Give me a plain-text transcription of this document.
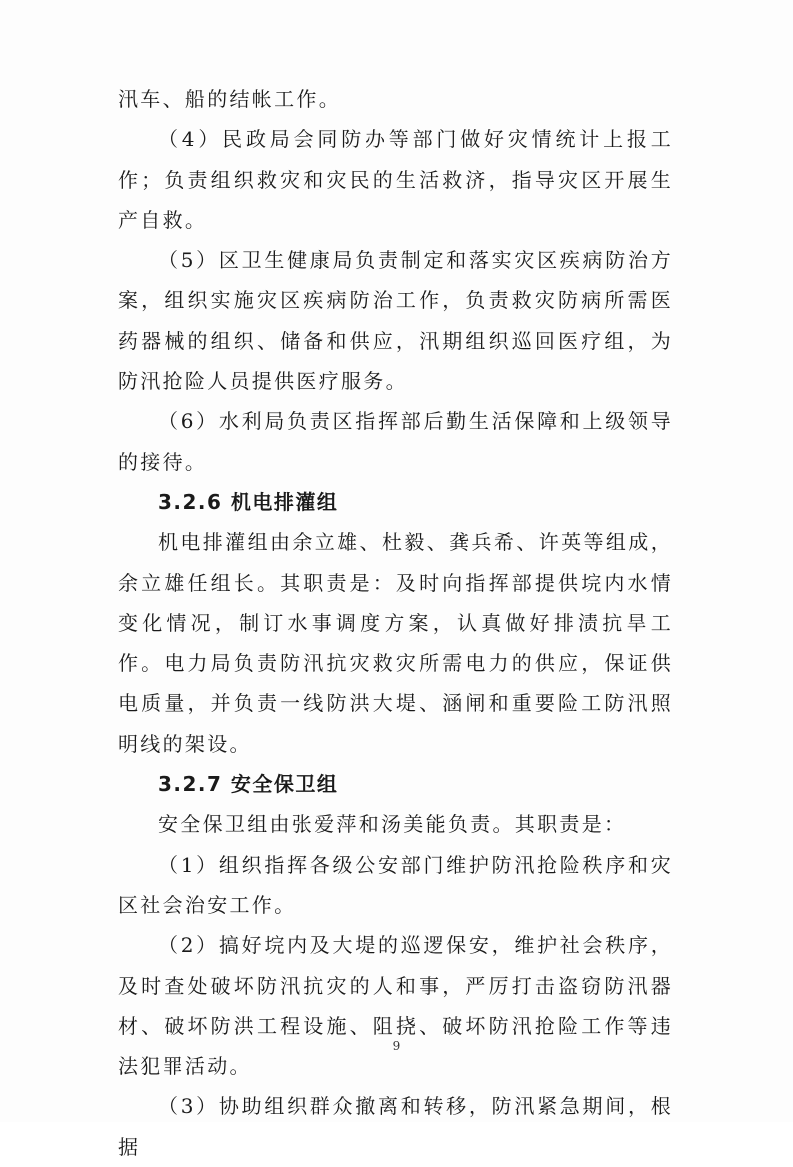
汛车、船的结帐工作。

（4）民政局会同防办等部门做好灾情统计上报工作；负责组织救灾和灾民的生活救济，指导灾区开展生产自救。

（5）区卫生健康局负责制定和落实灾区疾病防治方案，组织实施灾区疾病防治工作，负责救灾防病所需医药器械的组织、储备和供应，汛期组织巡回医疗组，为防汛抢险人员提供医疗服务。

（6）水利局负责区指挥部后勤生活保障和上级领导的接待。

3.2.6 机电排灌组

机电排灌组由余立雄、杜毅、龚兵希、许英等组成，余立雄任组长。其职责是：及时向指挥部提供垸内水情变化情况，制订水事调度方案，认真做好排渍抗旱工作。电力局负责防汛抗灾救灾所需电力的供应，保证供电质量，并负责一线防洪大堤、涵闸和重要险工防汛照明线的架设。

3.2.7 安全保卫组

安全保卫组由张爱萍和汤美能负责。其职责是：

（1）组织指挥各级公安部门维护防汛抢险秩序和灾区社会治安工作。

（2）搞好垸内及大堤的巡逻保安，维护社会秩序，及时查处破坏防汛抗灾的人和事，严厉打击盗窃防汛器材、破坏防洪工程设施、阻挠、破坏防汛抢险工作等违法犯罪活动。

（3）协助组织群众撤离和转移，防汛紧急期间，根据

9
